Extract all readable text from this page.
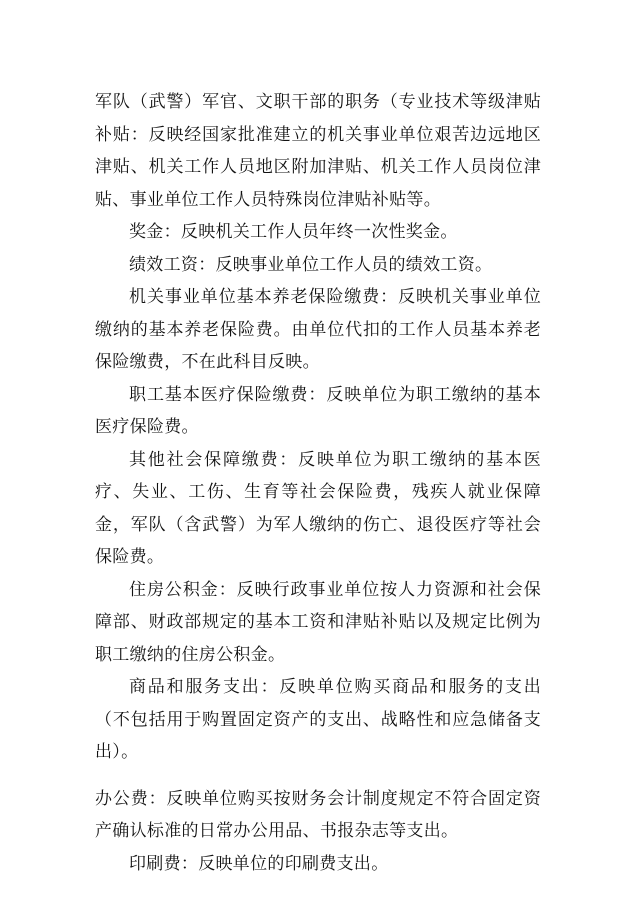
军队（武警）军官、文职干部的职务（专业技术等级津贴补贴：反映经国家批准建立的机关事业单位艰苦边远地区津贴、机关工作人员地区附加津贴、机关工作人员岗位津贴、事业单位工作人员特殊岗位津贴补贴等。

奖金：反映机关工作人员年终一次性奖金。

绩效工资：反映事业单位工作人员的绩效工资。

机关事业单位基本养老保险缴费：反映机关事业单位缴纳的基本养老保险费。由单位代扣的工作人员基本养老保险缴费，不在此科目反映。

职工基本医疗保险缴费：反映单位为职工缴纳的基本医疗保险费。

其他社会保障缴费：反映单位为职工缴纳的基本医疗、失业、工伤、生育等社会保险费，残疾人就业保障金，军队（含武警）为军人缴纳的伤亡、退役医疗等社会保险费。

住房公积金：反映行政事业单位按人力资源和社会保障部、财政部规定的基本工资和津贴补贴以及规定比例为职工缴纳的住房公积金。

商品和服务支出：反映单位购买商品和服务的支出（不包括用于购置固定资产的支出、战略性和应急储备支出）。

办公费：反映单位购买按财务会计制度规定不符合固定资产确认标准的日常办公用品、书报杂志等支出。

印刷费：反映单位的印刷费支出。
